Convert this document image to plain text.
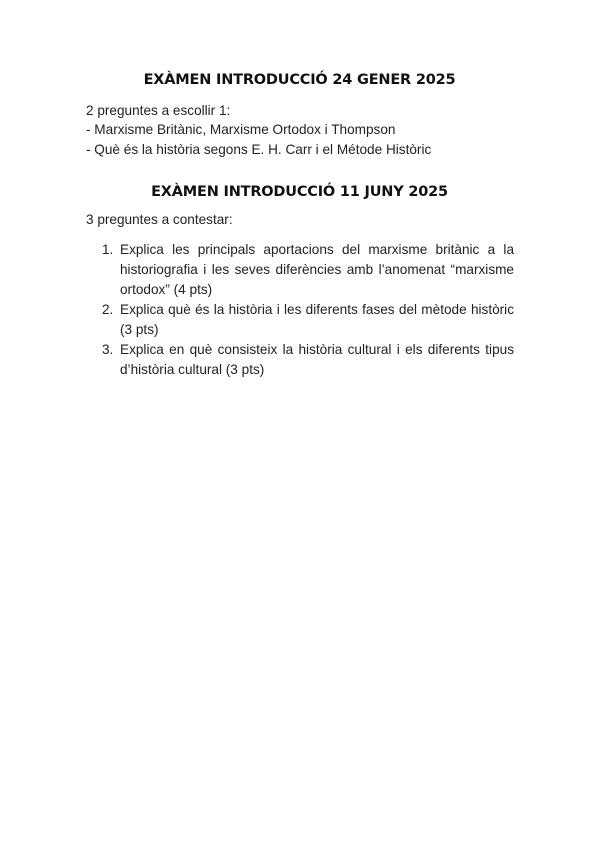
EXÀMEN INTRODUCCIÓ 24 GENER 2025
2 preguntes a escollir 1:
- Marxisme Britànic, Marxisme Ortodox i Thompson
- Què és la història segons E. H. Carr i el Métode Històric
EXÀMEN INTRODUCCIÓ 11 JUNY 2025
3 preguntes a contestar:
1. Explica les principals aportacions del marxisme britànic a la historiografia i les seves diferències amb l’anomenat “marxisme ortodox” (4 pts)
2. Explica què és la història i les diferents fases del mètode històric (3 pts)
3. Explica en què consisteix la història cultural i els diferents tipus d’història cultural (3 pts)
